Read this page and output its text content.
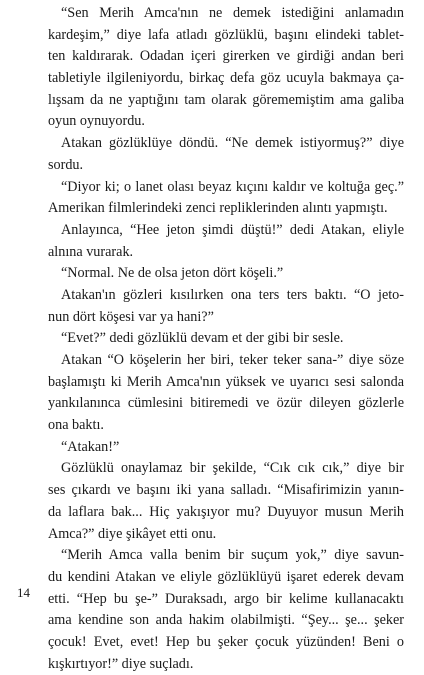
“Sen Merih Amca'nın ne demek istediğini anlamadın
kardeşim,” diye lafa atladı gözlüklü, başını elindeki tablet-
ten kaldırarak. Odadan içeri girerken ve girdiği andan beri
tabletiyle ilgileniyordu, birkaç defa göz ucuyla bakmaya ça-
lışsam da ne yaptığını tam olarak görememiştim ama galiba
oyun oynuyordu.
Atakan gözlüklüye döndü. “Ne demek istiyormuş?” diye
sordu.
“Diyor ki; o lanet olası beyaz kıçını kaldır ve koltuğa geç.”
Amerikan filmlerindeki zenci repliklerinden alıntı yapmıştı.
Anlayınca, “Hee jeton şimdi düştü!” dedi Atakan, eliyle
alnına vurarak.
“Normal. Ne de olsa jeton dört köşeli.”
Atakan'ın gözleri kısılırken ona ters ters baktı. “O jeto-
nun dört köşesi var ya hani?”
“Evet?” dedi gözlüklü devam et der gibi bir sesle.
Atakan “O köşelerin her biri, teker teker sana-” diye söze
başlamıştı ki Merih Amca'nın yüksek ve uyarıcı sesi salonda
yankılanınca cümlesini bitiremedi ve özür dileyen gözlerle
ona baktı.
“Atakan!”
Gözlüklü onaylamaz bir şekilde, “Cık cık cık,” diye bir
ses çıkardı ve başını iki yana salladı. “Misafirimizin yanın-
da laflara bak... Hiç yakışıyor mu? Duyuyor musun Merih
Amca?” diye şikâyet etti onu.
“Merih Amca valla benim bir suçum yok,” diye savun-
du kendini Atakan ve eliyle gözlüklüyü işaret ederek devam
etti. “Hep bu şe-” Duraksadı, argo bir kelime kullanacaktı
ama kendine son anda hakim olabilmişti. “Şey... şe... şeker
çocuk! Evet, evet! Hep bu şeker çocuk yüzünden! Beni o
kışkırtıyor!” diye suçladı.
14
